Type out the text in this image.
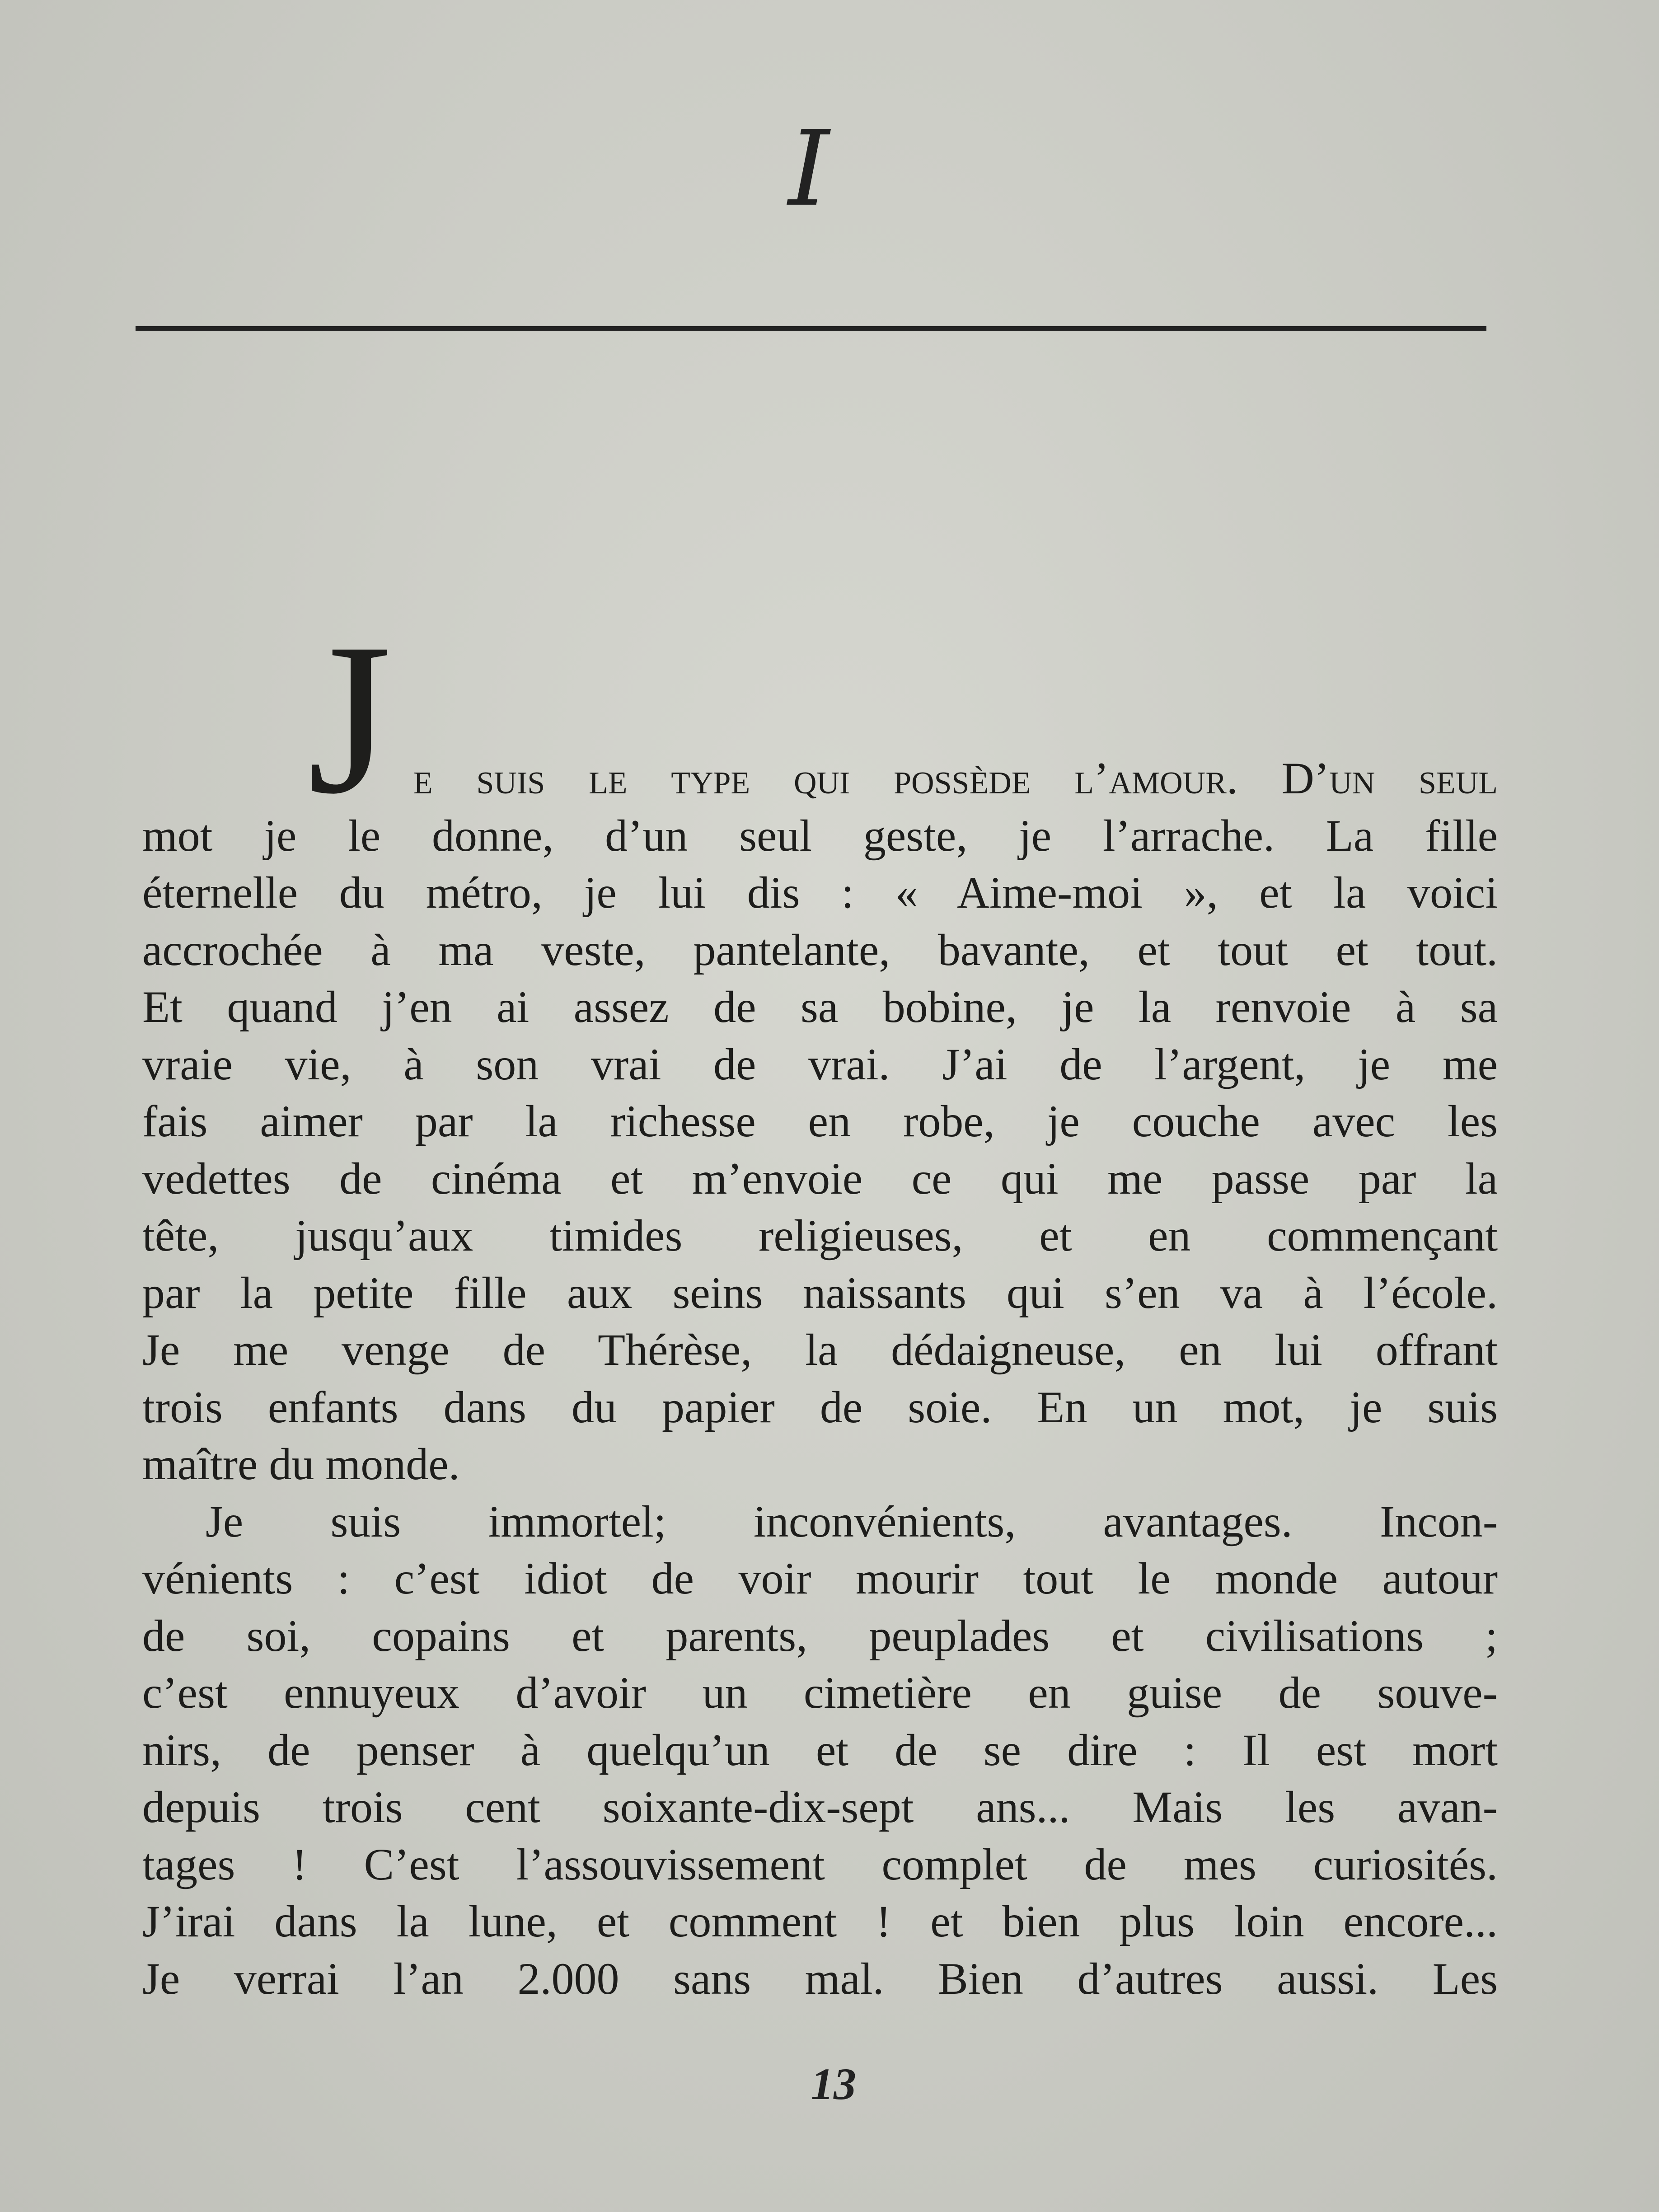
I
J e suis le type qui possède l’amour. D’un seul
mot je le donne, d’un seul geste, je l’arrache. La fille
éternelle du métro, je lui dis : « Aime-moi », et la voici
accrochée à ma veste, pantelante, bavante, et tout et tout.
Et quand j’en ai assez de sa bobine, je la renvoie à sa
vraie vie, à son vrai de vrai. J’ai de l’argent, je me
fais aimer par la richesse en robe, je couche avec les
vedettes de cinéma et m’envoie ce qui me passe par la
tête, jusqu’aux timides religieuses, et en commençant
par la petite fille aux seins naissants qui s’en va à l’école.
Je me venge de Thérèse, la dédaigneuse, en lui offrant
trois enfants dans du papier de soie. En un mot, je suis
maître du monde.
Je suis immortel; inconvénients, avantages. Incon-
vénients : c’est idiot de voir mourir tout le monde autour
de soi, copains et parents, peuplades et civilisations ;
c’est ennuyeux d’avoir un cimetière en guise de souve-
nirs, de penser à quelqu’un et de se dire : Il est mort
depuis trois cent soixante-dix-sept ans... Mais les avan-
tages ! C’est l’assouvissement complet de mes curiosités.
J’irai dans la lune, et comment ! et bien plus loin encore...
Je verrai l’an 2.000 sans mal. Bien d’autres aussi. Les
13
